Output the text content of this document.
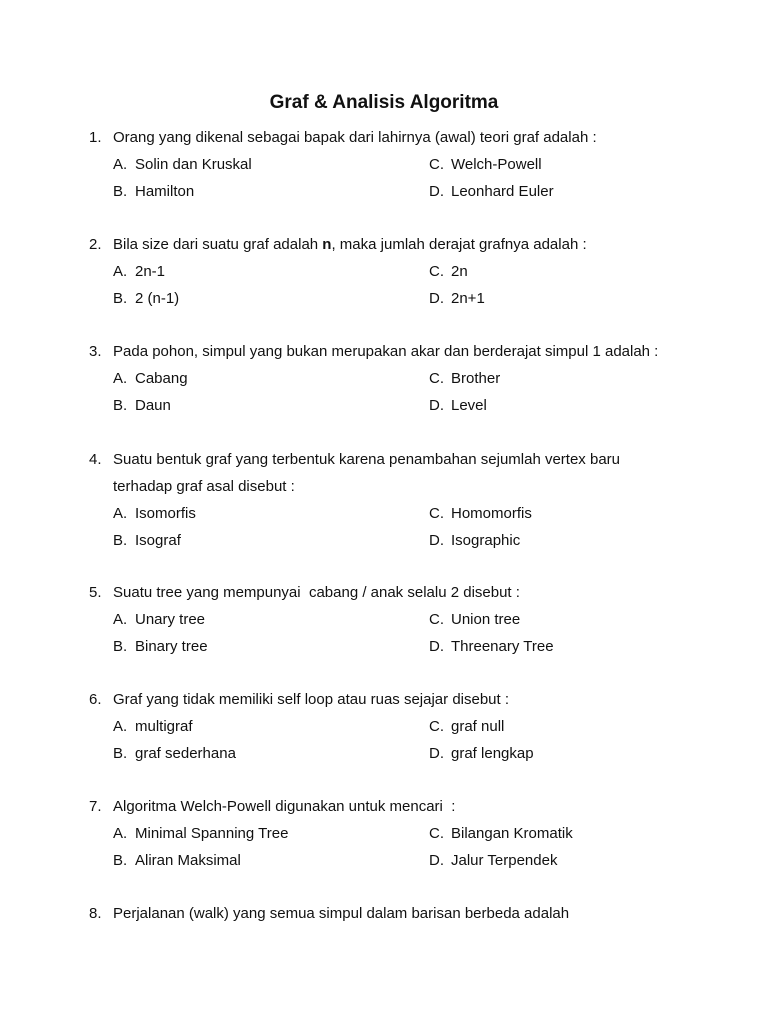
Graf & Analisis Algoritma
1. Orang yang dikenal sebagai bapak dari lahirnya (awal) teori graf adalah :
A. Solin dan Kruskal
B. Hamilton
C. Welch-Powell
D. Leonhard Euler
2. Bila size dari suatu graf adalah n, maka jumlah derajat grafnya adalah :
A. 2n-1
B. 2 (n-1)
C. 2n
D. 2n+1
3. Pada pohon, simpul yang bukan merupakan akar dan berderajat simpul 1 adalah :
A. Cabang
B. Daun
C. Brother
D. Level
4. Suatu bentuk graf yang terbentuk karena penambahan sejumlah vertex baru
terhadap graf asal disebut :
A. Isomorfis
B. Isograf
C. Homomorfis
D. Isographic
5. Suatu tree yang mempunyai  cabang / anak selalu 2 disebut :
A. Unary tree
B. Binary tree
C. Union tree
D. Threenary Tree
6. Graf yang tidak memiliki self loop atau ruas sejajar disebut :
A. multigraf
B. graf sederhana
C. graf null
D. graf lengkap
7. Algoritma Welch-Powell digunakan untuk mencari  :
A. Minimal Spanning Tree
B. Aliran Maksimal
C. Bilangan Kromatik
D. Jalur Terpendek
8. Perjalanan (walk) yang semua simpul dalam barisan berbeda adalah
